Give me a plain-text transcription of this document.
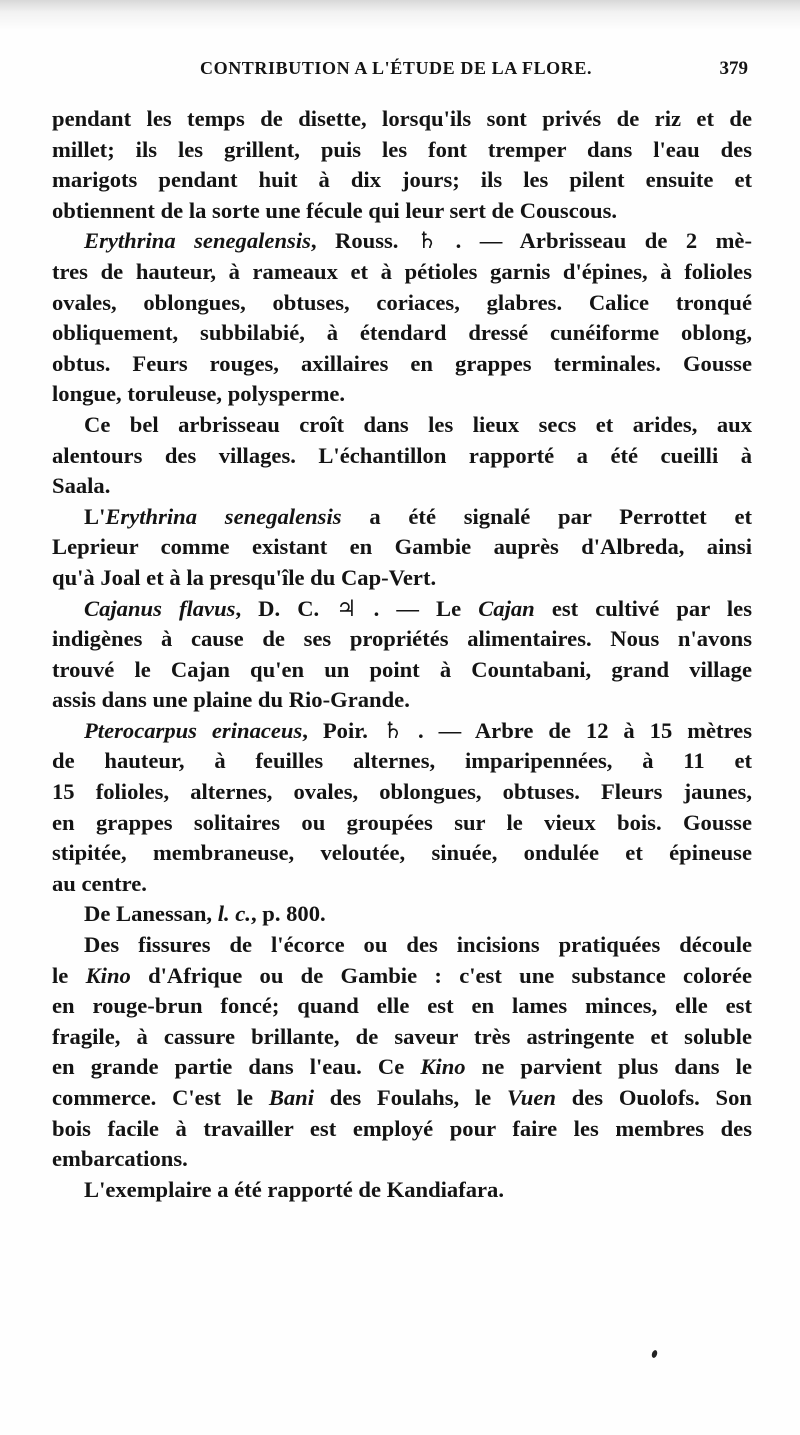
CONTRIBUTION A L'ÉTUDE DE LA FLORE.	379
pendant les temps de disette, lorsqu'ils sont privés de riz et de
millet; ils les grillent, puis les font tremper dans l'eau des
marigots pendant huit à dix jours; ils les pilent ensuite et
obtiennent de la sorte une fécule qui leur sert de Couscous.
Erythrina senegalensis, Rouss. ♄ . — Arbrisseau de 2 mè-
tres de hauteur, à rameaux et à pétioles garnis d'épines, à folioles
ovales, oblongues, obtuses, coriaces, glabres. Calice tronqué
obliquement, subbilabié, à étendard dressé cunéiforme oblong,
obtus. Feurs rouges, axillaires en grappes terminales. Gousse
longue, toruleuse, polysperme.
Ce bel arbrisseau croît dans les lieux secs et arides, aux
alentours des villages. L'échantillon rapporté a été cueilli à
Saala.
L'Erythrina senegalensis a été signalé par Perrottet et
Leprieur comme existant en Gambie auprès d'Albreda, ainsi
qu'à Joal et à la presqu'île du Cap-Vert.
Cajanus flavus, D. C. ♃ . — Le Cajan est cultivé par les
indigènes à cause de ses propriétés alimentaires. Nous n'avons
trouvé le Cajan qu'en un point à Countabani, grand village
assis dans une plaine du Rio-Grande.
Pterocarpus erinaceus, Poir. ♄ . — Arbre de 12 à 15 mètres
de hauteur, à feuilles alternes, imparipennées, à 11 et
15 folioles, alternes, ovales, oblongues, obtuses. Fleurs jaunes,
en grappes solitaires ou groupées sur le vieux bois. Gousse
stipitée, membraneuse, veloutée, sinuée, ondulée et épineuse
au centre.
De Lanessan, l. c., p. 800.
Des fissures de l'écorce ou des incisions pratiquées découle
le Kino d'Afrique ou de Gambie : c'est une substance colorée
en rouge-brun foncé; quand elle est en lames minces, elle est
fragile, à cassure brillante, de saveur très astringente et soluble
en grande partie dans l'eau. Ce Kino ne parvient plus dans le
commerce. C'est le Bani des Foulahs, le Vuen des Ouolofs. Son
bois facile à travailler est employé pour faire les membres des
embarcations.
L'exemplaire a été rapporté de Kandiafara.
